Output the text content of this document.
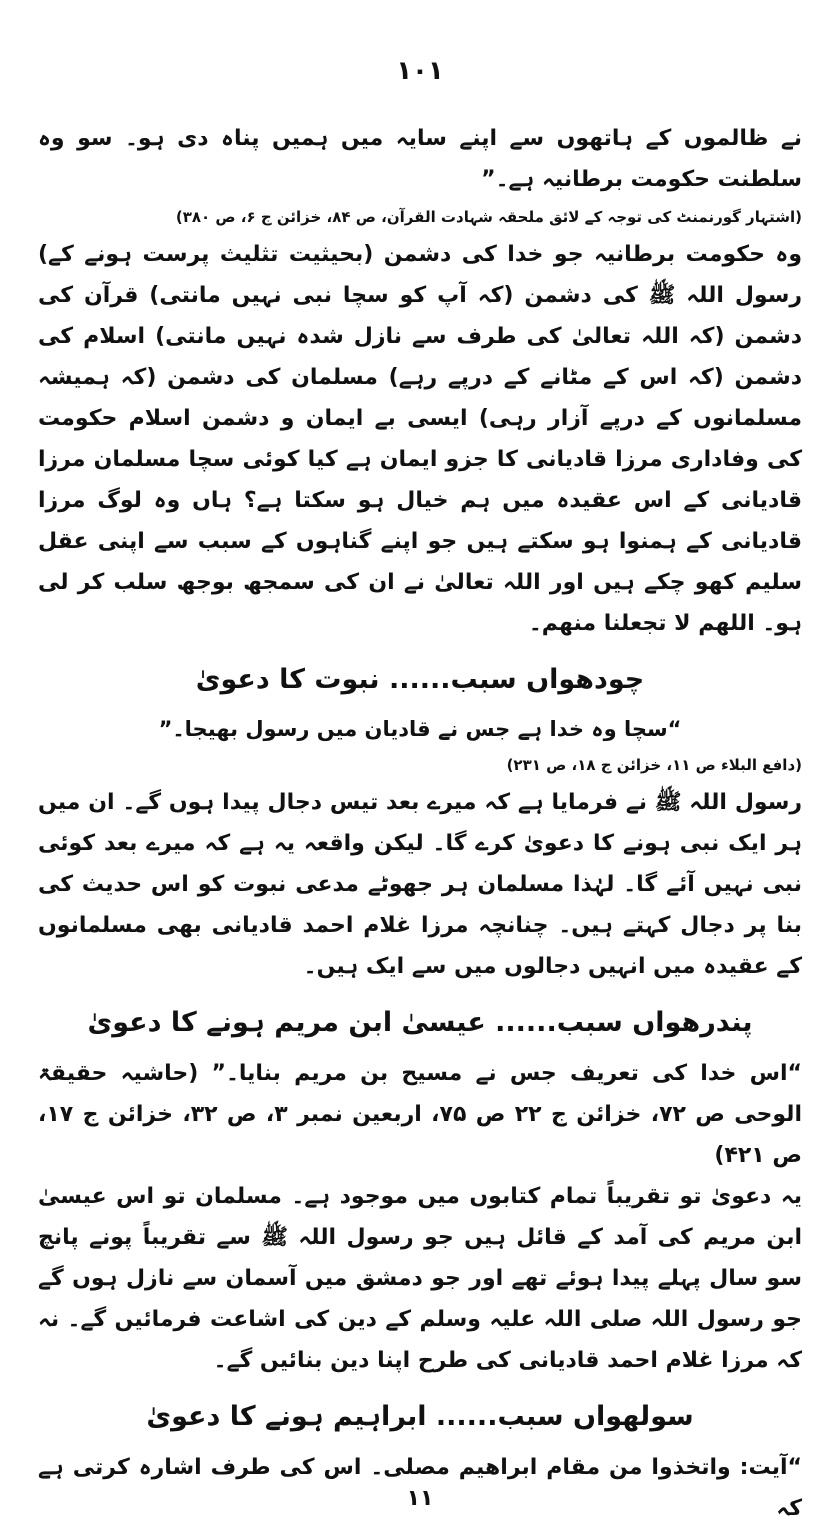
١٠١

نے ظالموں کے ہاتھوں سے اپنے سایہ میں ہمیں پناہ دی ہو۔ سو وہ سلطنت حکومت برطانیہ ہے۔”

(اشتہار گورنمنٹ کی توجہ کے لائق ملحقہ شہادت القرآن، ص ۸۴، خزائن ج ۶، ص ۳۸۰)

وہ حکومت برطانیہ جو خدا کی دشمن (بحیثیت تثلیث پرست ہونے کے) رسول اللہ ﷺ کی دشمن (کہ آپ کو سچا نبی نہیں مانتی) قرآن کی دشمن (کہ اللہ تعالیٰ کی طرف سے نازل شدہ نہیں مانتی) اسلام کی دشمن (کہ اس کے مٹانے کے درپے رہے) مسلمان کی دشمن (کہ ہمیشہ مسلمانوں کے درپے آزار رہی) ایسی بے ایمان و دشمن اسلام حکومت کی وفاداری مرزا قادیانی کا جزو ایمان ہے کیا کوئی سچا مسلمان مرزا قادیانی کے اس عقیدہ میں ہم خیال ہو سکتا ہے؟ ہاں وہ لوگ مرزا قادیانی کے ہمنوا ہو سکتے ہیں جو اپنے گناہوں کے سبب سے اپنی عقل سلیم کھو چکے ہیں اور اللہ تعالیٰ نے ان کی سمجھ بوجھ سلب کر لی ہو۔ اللھم لا تجعلنا منھم۔

چودھواں سبب...... نبوت کا دعویٰ

“سچا وہ خدا ہے جس نے قادیان میں رسول بھیجا۔”

(دافع البلاء ص ۱۱، خزائن ج ۱۸، ص ۲۳۱)

رسول اللہ ﷺ نے فرمایا ہے کہ میرے بعد تیس دجال پیدا ہوں گے۔ ان میں ہر ایک نبی ہونے کا دعویٰ کرے گا۔ لیکن واقعہ یہ ہے کہ میرے بعد کوئی نبی نہیں آئے گا۔ لہٰذا مسلمان ہر جھوٹے مدعی نبوت کو اس حدیث کی بنا پر دجال کہتے ہیں۔ چنانچہ مرزا غلام احمد قادیانی بھی مسلمانوں کے عقیدہ میں انہیں دجالوں میں سے ایک ہیں۔

پندرھواں سبب...... عیسیٰ ابن مریم ہونے کا دعویٰ

“اس خدا کی تعریف جس نے مسیح بن مریم بنایا۔” (حاشیہ حقیقۃ الوحی ص ۷۲، خزائن ج ۲۲ ص ۷۵، اربعین نمبر ۳، ص ۳۲، خزائن ج ۱۷، ص ۴۲۱)

یہ دعویٰ تو تقریباً تمام کتابوں میں موجود ہے۔ مسلمان تو اس عیسیٰ ابن مریم کی آمد کے قائل ہیں جو رسول اللہ ﷺ سے تقریباً پونے پانچ سو سال پہلے پیدا ہوئے تھے اور جو دمشق میں آسمان سے نازل ہوں گے جو رسول اللہ صلی اللہ علیہ وسلم کے دین کی اشاعت فرمائیں گے۔ نہ کہ مرزا غلام احمد قادیانی کی طرح اپنا دین بنائیں گے۔

سولھواں سبب...... ابراہیم ہونے کا دعویٰ

“آیت: واتخذوا من مقام ابراھیم مصلی۔ اس کی طرف اشارہ کرتی ہے کہ

١١
